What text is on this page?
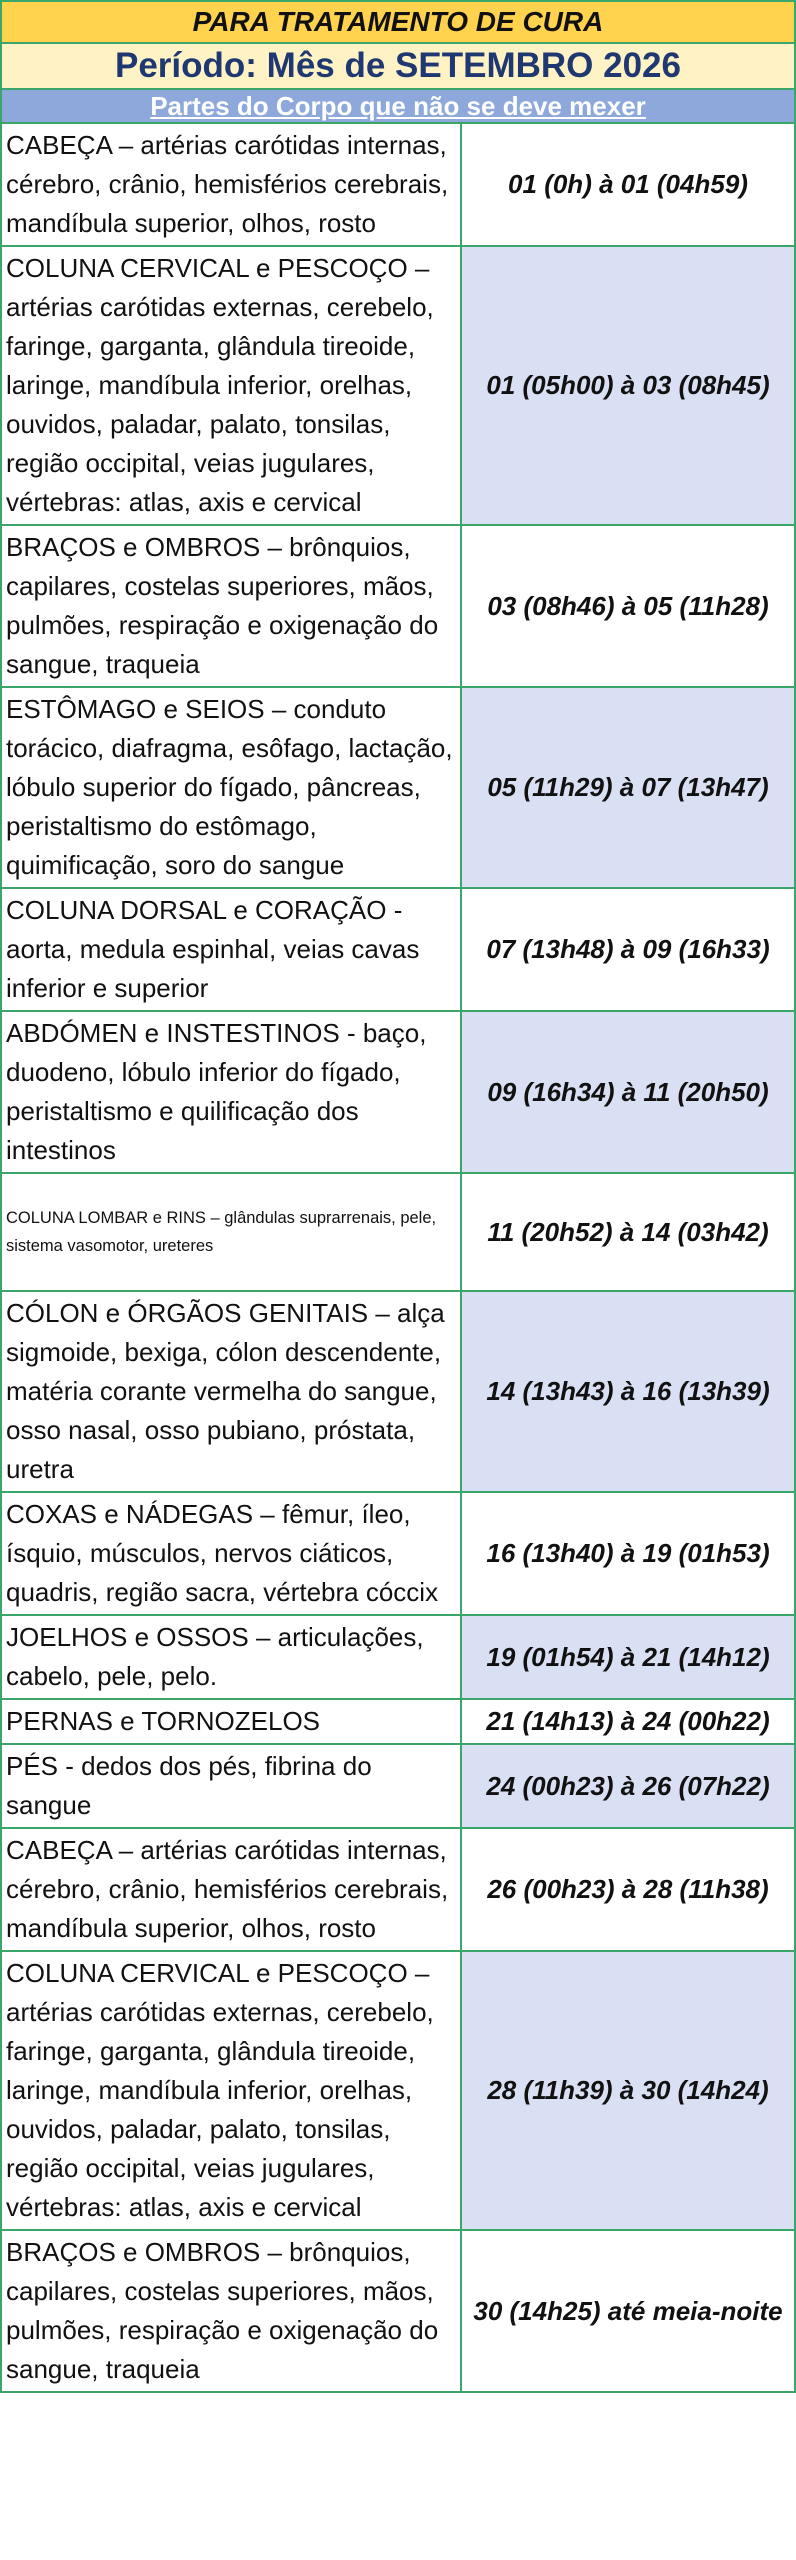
PARA TRATAMENTO DE CURA
Período: Mês de SETEMBRO 2026
Partes do Corpo que não se deve mexer
CABEÇA – artérias carótidas internas, cérebro, crânio, hemisférios cerebrais, mandíbula superior, olhos, rosto	01 (0h) à 01 (04h59)
COLUNA CERVICAL e PESCOÇO – artérias carótidas externas, cerebelo, faringe, garganta, glândula tireoide, laringe, mandíbula inferior, orelhas, ouvidos, paladar, palato, tonsilas, região occipital, veias jugulares, vértebras: atlas, axis e cervical	01 (05h00) à 03 (08h45)
BRAÇOS e OMBROS – brônquios, capilares, costelas superiores, mãos, pulmões, respiração e oxigenação do sangue, traqueia	03 (08h46) à 05 (11h28)
ESTÔMAGO e SEIOS – conduto torácico, diafragma, esôfago, lactação, lóbulo superior do fígado, pâncreas, peristaltismo do estômago, quimificação, soro do sangue	05 (11h29) à 07 (13h47)
COLUNA DORSAL e CORAÇÃO - aorta, medula espinhal, veias cavas inferior e superior	07 (13h48) à 09 (16h33)
ABDÓMEN e INSTESTINOS - baço, duodeno, lóbulo inferior do fígado, peristaltismo e quilificação dos intestinos	09 (16h34) à 11 (20h50)
COLUNA LOMBAR e RINS – glândulas suprarrenais, pele, sistema vasomotor, ureteres	11 (20h52) à 14 (03h42)
CÓLON e ÓRGÃOS GENITAIS – alça sigmoide, bexiga, cólon descendente, matéria corante vermelha do sangue, osso nasal, osso pubiano, próstata, uretra	14 (13h43) à 16 (13h39)
COXAS e NÁDEGAS – fêmur, íleo, ísquio, músculos, nervos ciáticos, quadris, região sacra, vértebra cóccix	16 (13h40) à 19 (01h53)
JOELHOS e OSSOS – articulações, cabelo, pele, pelo.	19 (01h54) à 21 (14h12)
PERNAS e TORNOZELOS	21 (14h13) à 24 (00h22)
PÉS - dedos dos pés, fibrina do sangue	24 (00h23) à 26 (07h22)
CABEÇA – artérias carótidas internas, cérebro, crânio, hemisférios cerebrais, mandíbula superior, olhos, rosto	26 (00h23) à 28 (11h38)
COLUNA CERVICAL e PESCOÇO – artérias carótidas externas, cerebelo, faringe, garganta, glândula tireoide, laringe, mandíbula inferior, orelhas, ouvidos, paladar, palato, tonsilas, região occipital, veias jugulares, vértebras: atlas, axis e cervical	28 (11h39) à 30 (14h24)
BRAÇOS e OMBROS – brônquios, capilares, costelas superiores, mãos, pulmões, respiração e oxigenação do sangue, traqueia	30 (14h25) até meia-noite
